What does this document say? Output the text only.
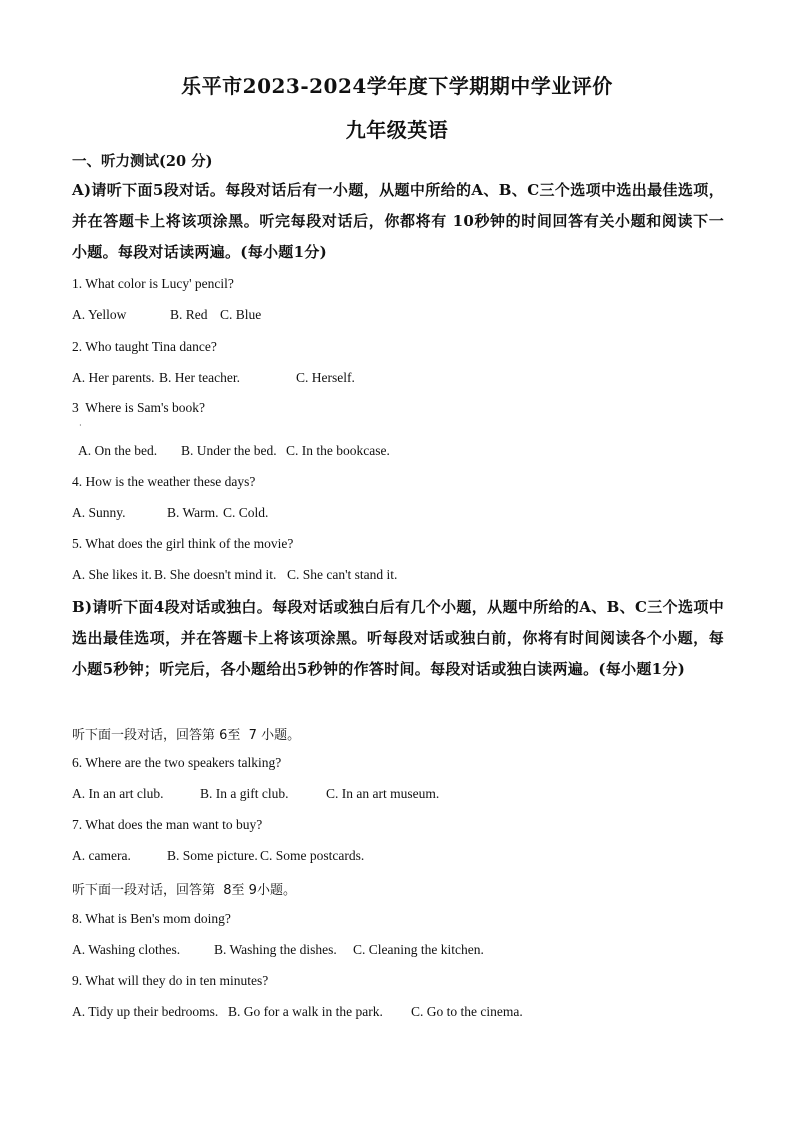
乐平市2023-2024学年度下学期期中学业评价
九年级英语
一、听力测试(20 分)
A)请听下面5段对话。每段对话后有一小题，从题中所给的A、B、C三个选项中选出最佳选项，并在答题卡上将该项涂黑。听完每段对话后，你都将有 10秒钟的时间回答有关小题和阅读下一小题。每段对话读两遍。(每小题1分)
1. What color is Lucy' pencil?
A. Yellow	B. Red C. Blue
2. Who taught Tina dance?
A. Her parents. B. Her teacher.	C. Herself.
3  Where is Sam's book?
·
A. On the bed. B. Under the bed. C. In the bookcase.
4. How is the weather these days?
A. Sunny.	B. Warm. C. Cold.
5. What does the girl think of the movie?
A. She likes it. B. She doesn't mind it. C. She can't stand it.
B)请听下面4段对话或独白。每段对话或独白后有几个小题，从题中所给的A、B、C三个选项中选出最佳选项，并在答题卡上将该项涂黑。听每段对话或独白前，你将有时间阅读各个小题，每小题5秒钟；听完后，各小题给出5秒钟的作答时间。每段对话或独白读两遍。(每小题1分)
听下面一段对话，回答第 6至  7 小题。
6. Where are the two speakers talking?
A. In an art club.	B. In a gift club.	C. In an art museum.
7. What does the man want to buy?
A. camera.	B. Some picture. C. Some postcards.
听下面一段对话，回答第  8至 9小题。
8. What is Ben's mom doing?
A. Washing clothes.	B. Washing the dishes. C. Cleaning the kitchen.
9. What will they do in ten minutes?
A. Tidy up their bedrooms. B. Go for a walk in the park. C. Go to the cinema.
